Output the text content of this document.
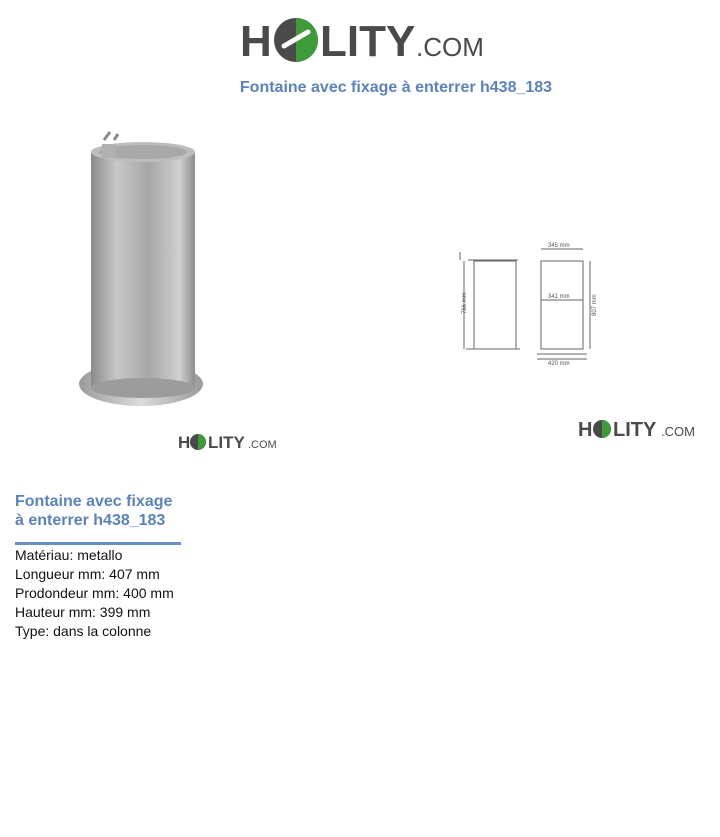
H LITY .COM
Fontaine avec fixage à enterrer h438_183
H LITY .COM
345 mm
341 mm
420 mm
766 mm	807 mm
H LITY .COM
Fontaine avec fixage
à enterrer h438_183
Matériau: metallo
Longueur mm: 407 mm
Prodondeur mm: 400 mm
Hauteur mm: 399 mm
Type: dans la colonne
